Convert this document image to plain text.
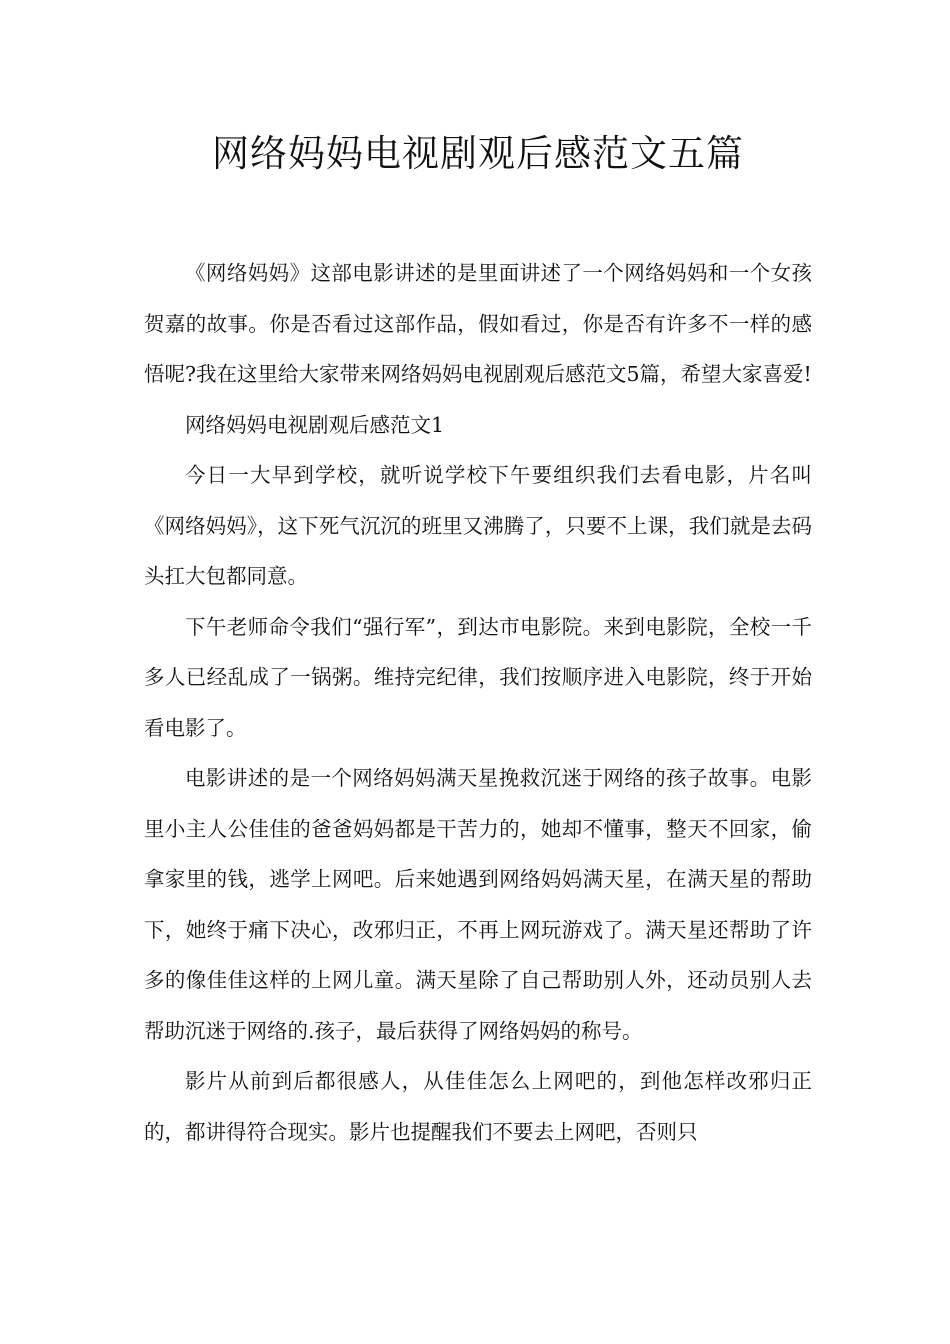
网络妈妈电视剧观后感范文五篇

《网络妈妈》这部电影讲述的是里面讲述了一个网络妈妈和一个女孩贺嘉的故事。你是否看过这部作品，假如看过，你是否有许多不一样的感悟呢?我在这里给大家带来网络妈妈电视剧观后感范文5篇，希望大家喜爱!

网络妈妈电视剧观后感范文1

今日一大早到学校，就听说学校下午要组织我们去看电影，片名叫《网络妈妈》，这下死气沉沉的班里又沸腾了，只要不上课，我们就是去码头扛大包都同意。

下午老师命令我们“强行军”，到达市电影院。来到电影院，全校一千多人已经乱成了一锅粥。维持完纪律，我们按顺序进入电影院，终于开始看电影了。

电影讲述的是一个网络妈妈满天星挽救沉迷于网络的孩子故事。电影里小主人公佳佳的爸爸妈妈都是干苦力的，她却不懂事，整天不回家，偷拿家里的钱，逃学上网吧。后来她遇到网络妈妈满天星，在满天星的帮助下，她终于痛下决心，改邪归正，不再上网玩游戏了。满天星还帮助了许多的像佳佳这样的上网儿童。满天星除了自己帮助别人外，还动员别人去帮助沉迷于网络的.孩子，最后获得了网络妈妈的称号。

影片从前到后都很感人，从佳佳怎么上网吧的，到他怎样改邪归正的，都讲得符合现实。影片也提醒我们不要去上网吧，否则只
